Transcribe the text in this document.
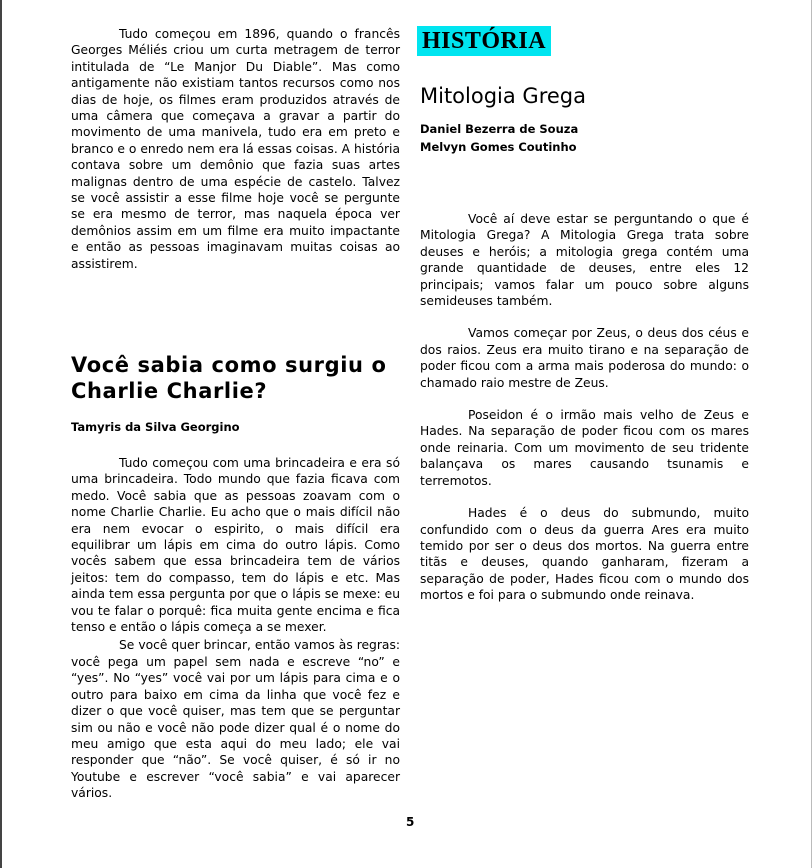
Tudo começou em 1896, quando o francês Georges Méliés criou um curta metragem de terror intitulada de “Le Manjor Du Diable”. Mas como antigamente não existiam tantos recursos como nos dias de hoje, os filmes eram produzidos através de uma câmera que começava a gravar a partir do movimento de uma manivela, tudo era em preto e branco e o enredo nem era lá essas coisas. A história contava sobre um demônio que fazia suas artes malignas dentro de uma espécie de castelo. Talvez se você assistir a esse filme hoje você se pergunte se era mesmo de terror, mas naquela época ver demônios assim em um filme era muito impactante e então as pessoas imaginavam muitas coisas ao assistirem.

Você sabia como surgiu o Charlie Charlie?
Tamyris da Silva Georgino

Tudo começou com uma brincadeira e era só uma brincadeira. Todo mundo que fazia ficava com medo. Você sabia que as pessoas zoavam com o nome Charlie Charlie. Eu acho que o mais difícil não era nem evocar o espirito, o mais difícil era equilibrar um lápis em cima do outro lápis. Como vocês sabem que essa brincadeira tem de vários jeitos: tem do compasso, tem do lápis e etc. Mas ainda tem essa pergunta por que o lápis se mexe: eu vou te falar o porquê: fica muita gente encima e fica tenso e então o lápis começa a se mexer.

Se você quer brincar, então vamos às regras: você pega um papel sem nada e escreve “no” e “yes”. No “yes” você vai por um lápis para cima e o outro para baixo em cima da linha que você fez e dizer o que você quiser, mas tem que se perguntar sim ou não e você não pode dizer qual é o nome do meu amigo que esta aqui do meu lado; ele vai responder que “não”. Se você quiser, é só ir no Youtube e escrever “você sabia” e vai aparecer vários.

HISTÓRIA
Mitologia Grega
Daniel Bezerra de Souza
Melvyn Gomes Coutinho

Você aí deve estar se perguntando o que é Mitologia Grega? A Mitologia Grega trata sobre deuses e heróis; a mitologia grega contém uma grande quantidade de deuses, entre eles 12 principais; vamos falar um pouco sobre alguns semideuses também.

Vamos começar por Zeus, o deus dos céus e dos raios. Zeus era muito tirano e na separação de poder ficou com a arma mais poderosa do mundo: o chamado raio mestre de Zeus.

Poseidon é o irmão mais velho de Zeus e Hades. Na separação de poder ficou com os mares onde reinaria. Com um movimento de seu tridente balançava os mares causando tsunamis e terremotos.

Hades é o deus do submundo, muito confundido com o deus da guerra Ares era muito temido por ser o deus dos mortos. Na guerra entre titãs e deuses, quando ganharam, fizeram a separação de poder, Hades ficou com o mundo dos mortos e foi para o submundo onde reinava.

5
